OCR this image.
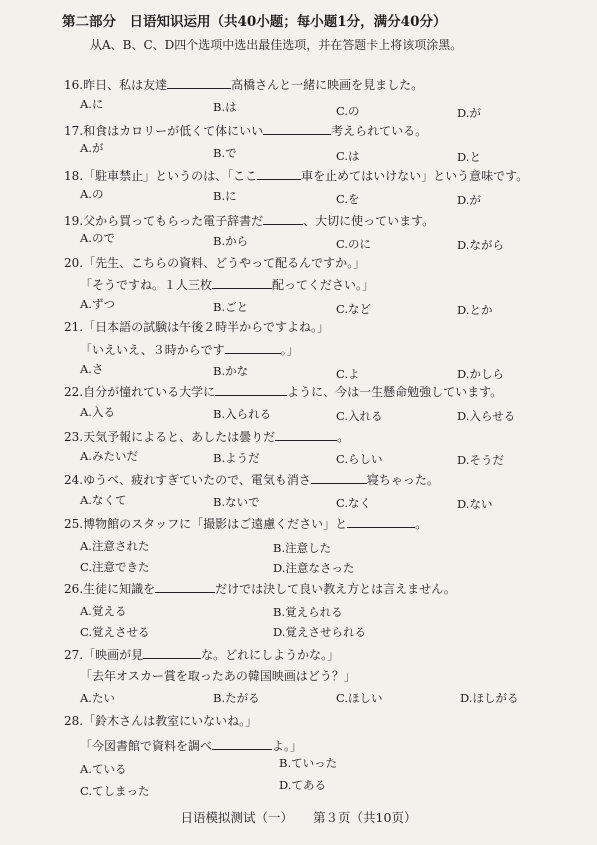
第二部分　日语知识运用（共40小题；每小题1分，满分40分）
从A、B、C、D四个选项中选出最佳选项，并在答题卡上将该项涂黑。
16.昨日、私は友達	高橋さんと一緒に映画を見ました。
A.に	B.は	C.の	D.が
17.和食はカロリーが低くて体にいい	考えられている。
A.が	B.で	C.は	D.と
18.「駐車禁止」というのは、「ここ	車を止めてはいけない」という意味です。
A.の	B.に	C.を	D.が
19.父から買ってもらった電子辞書だ	、大切に使っています。
A.ので	B.から	C.のに	D.ながら
20.「先生、こちらの資料、どうやって配るんですか。」
「そうですね。１人三枚	配ってください。」
A.ずつ	B.ごと	C.など	D.とか
21.「日本語の試験は午後２時半からですよね。」
「いえいえ、３時からです	。」
A.さ	B.かな	C.よ	D.かしら
22.自分が憧れている大学に	ように、今は一生懸命勉強しています。
A.入る	B.入られる	C.入れる	D.入らせる
23.天気予報によると、あしたは曇りだ	。
A.みたいだ	B.ようだ	C.らしい	D.そうだ
24.ゆうべ、疲れすぎていたので、電気も消さ	寝ちゃった。
A.なくて	B.ないで	C.なく	D.ない
25.博物館のスタッフに「撮影はご遠慮ください」と	。
A.注意された	B.注意した
C.注意できた	D.注意なさった
26.生徒に知識を	だけでは決して良い教え方とは言えません。
A.覚える	B.覚えられる
C.覚えさせる	D.覚えさせられる
27.「映画が見	な。どれにしようかな。」
「去年オスカー賞を取ったあの韓国映画はどう？」
A.たい	B.たがる	C.ほしい	D.ほしがる
28.「鈴木さんは教室にいないね。」
「今図書館で資料を調べ	よ。」
A.ている	B.ていった
C.てしまった	D.てある
日语模拟测试（一） 第３页（共10页）
